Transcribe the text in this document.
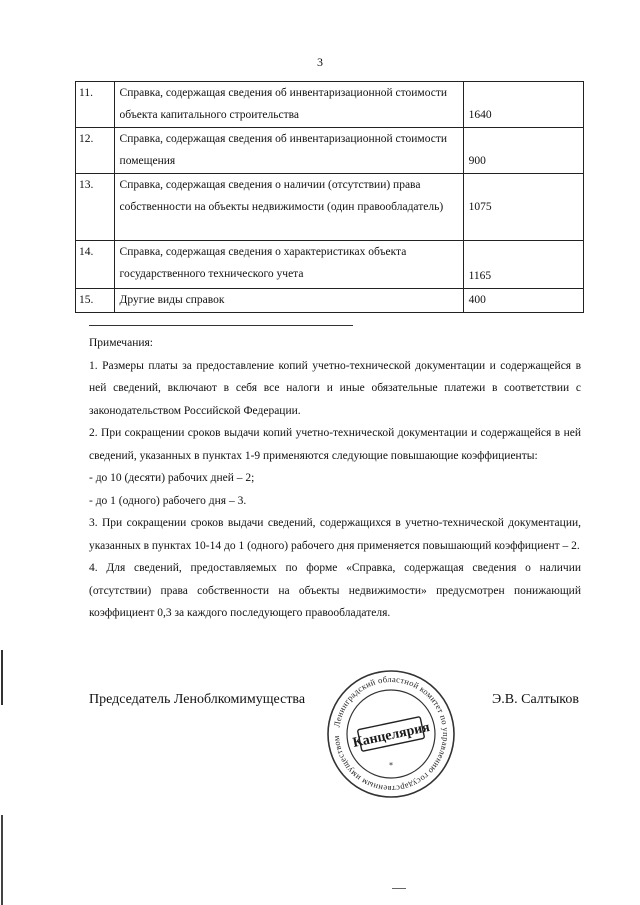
3
11.	Справка, содержащая сведения об инвентаризационной стоимости объекта капитального строительства	1640
12.	Справка, содержащая сведения об инвентаризационной стоимости помещения	900
13.	Справка, содержащая сведения о наличии (отсутствии) права собственности на объекты недвижимости (один правообладатель)	1075
14.	Справка, содержащая сведения о характеристиках объекта государственного технического учета	1165
15.	Другие виды справок	400

Примечания:

1. Размеры платы за предоставление копий учетно-технической документации и содержащейся в ней сведений, включают в себя все налоги и иные обязательные платежи в соответствии с законодательством Российской Федерации.

2. При сокращении сроков выдачи копий учетно-технической документации и содержащейся в ней сведений, указанных в пунктах 1-9 применяются следующие повышающие коэффициенты:

- до 10 (десяти) рабочих дней – 2;

- до 1 (одного) рабочего дня – 3.

3. При сокращении сроков выдачи сведений, содержащихся в учетно-технической документации, указанных в пунктах 10-14 до 1 (одного) рабочего дня применяется повышающий коэффициент – 2.

4. Для сведений, предоставляемых по форме «Справка, содержащая сведения о наличии (отсутствии) права собственности на объекты недвижимости» предусмотрен понижающий коэффициент 0,3 за каждого последующего правообладателя.

Председатель Леноблкомимущества	Э.В. Салтыков
Ленинградский областной комитет по управлению государственным имуществом Канцелярия
*
